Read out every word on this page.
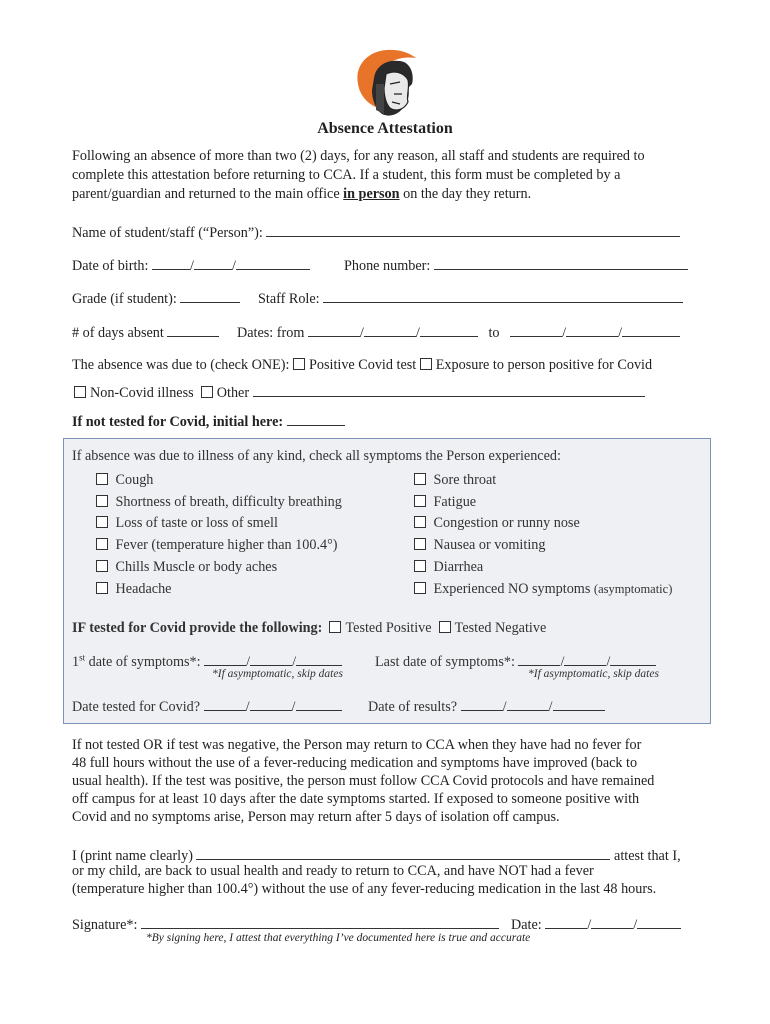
Absence Attestation
Following an absence of more than two (2) days, for any reason, all staff and students are required to
complete this attestation before returning to CCA. If a student, this form must be completed by a
parent/guardian and returned to the main office in person on the day they return.
Name of student/staff (“Person”):
Date of birth:	/	/	Phone number:
Grade (if student):	Staff Role:
# of days absent	Dates: from	/	/	to	/	/
The absence was due to (check ONE): Positive Covid test Exposure to person positive for Covid
Non-Covid illness Other
If not tested for Covid, initial here:
If absence was due to illness of any kind, check all symptoms the Person experienced:
Cough
Shortness of breath, difficulty breathing
Loss of taste or loss of smell
Fever (temperature higher than 100.4°)
Chills Muscle or body aches
Headache
Sore throat
Fatigue
Congestion or runny nose
Nausea or vomiting
Diarrhea
Experienced NO symptoms (asymptomatic)
IF tested for Covid provide the following: Tested Positive Tested Negative
1st date of symptoms*:	/	/
*If asymptomatic, skip dates
Last date of symptoms*:	/	/
*If asymptomatic, skip dates
Date tested for Covid?	/	/	Date of results?	/	/
If not tested OR if test was negative, the Person may return to CCA when they have had no fever for
48 full hours without the use of a fever-reducing medication and symptoms have improved (back to
usual health). If the test was positive, the person must follow CCA Covid protocols and have remained
off campus for at least 10 days after the date symptoms started. If exposed to someone positive with
Covid and no symptoms arise, Person may return after 5 days of isolation off campus.
I (print name clearly)	attest that I,
or my child, are back to usual health and ready to return to CCA, and have NOT had a fever
(temperature higher than 100.4°) without the use of any fever-reducing medication in the last 48 hours.
Signature*:	Date:	/	/
*By signing here, I attest that everything I’ve documented here is true and accurate
